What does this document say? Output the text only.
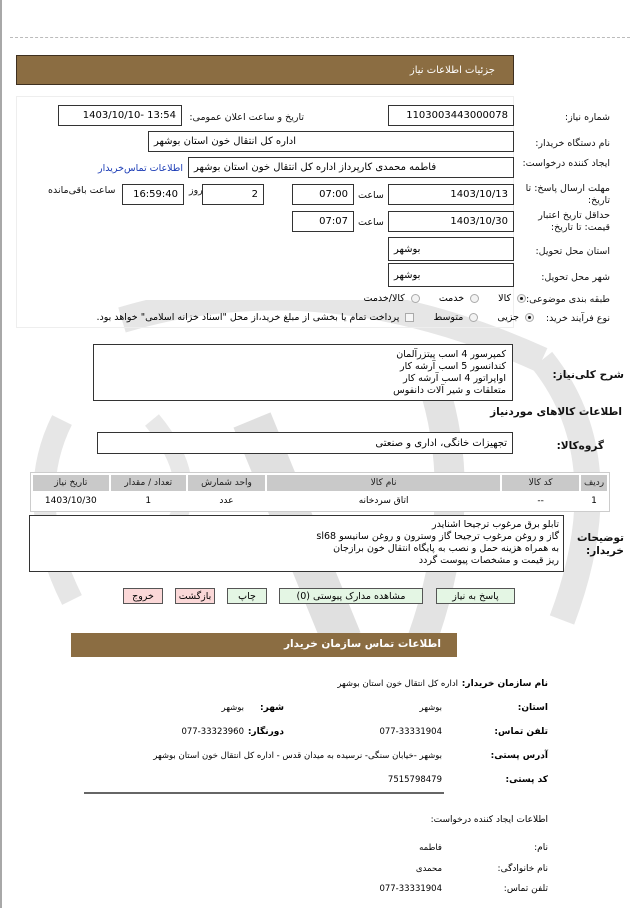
جزئیات اطلاعات نیاز
شماره نیاز:
1103003443000078
تاریخ و ساعت اعلان عمومی:
1403/10/10- 13:54
نام دستگاه خریدار:
اداره کل انتقال خون استان بوشهر
ایجاد کننده درخواست:
فاطمه محمدی کارپرداز اداره کل انتقال خون استان بوشهر
اطلاعات تماس‌خریدار
مهلت ارسال پاسخ: تا تاریخ:
1403/10/13
ساعت
07:00
2
روز
16:59:40
ساعت باقی‌مانده
حداقل تاریخ اعتبار قیمت: تا تاریخ:
1403/10/30
ساعت
07:07
استان محل تحویل:
بوشهر
شهر محل تحویل:
بوشهر
طبقه بندی موضوعی:
کالا خدمت کالا/خدمت
نوع فرآیند خرید:
جزیی متوسط پرداخت تمام یا بخشی از مبلغ خرید،از محل "اسناد خزانه اسلامی" خواهد بود.
شرح کلی‌نیاز:
کمپرسور 4 اسب پیتزرآلمان
کندانسور 5 اسب آرشه کار
اواپراتور 4 اسب آرشه کار
متعلقات و شیر آلات دانفوس
اطلاعات کالاهای موردنیاز
گروه‌کالا:
تجهیزات خانگی، اداری و صنعتی
ردیف	کد کالا	نام کالا	واحد شمارش	تعداد / مقدار	تاریخ نیاز
1	--	اتاق سردخانه	عدد	1	1403/10/30
توضیحات خریدار:
تابلو برق مرغوب ترجیحا اشنایدر
گاز و روغن مرغوب ترجیحا گاز وسترون و روغن سانیسو sl68
به همراه هزینه حمل و نصب به پایگاه انتقال خون برازجان
ریز قیمت و مشخصات پیوست گردد
پاسخ به نیاز
مشاهده مدارک پیوستی (0)
چاپ
بازگشت
خروج
اطلاعات تماس سازمان خریدار
نام سازمان خریدار:
اداره کل انتقال خون استان بوشهر
استان:
بوشهر
شهر:
بوشهر
تلفن تماس:
077-33331904
دورنگار:
077-33323960
آدرس پستی:
بوشهر -خیابان سنگی- نرسیده به میدان قدس - اداره کل انتقال خون استان بوشهر
کد پستی:
7515798479
اطلاعات ایجاد کننده درخواست:
نام:
فاطمه
نام خانوادگی:
محمدی
تلفن تماس:
077-33331904
